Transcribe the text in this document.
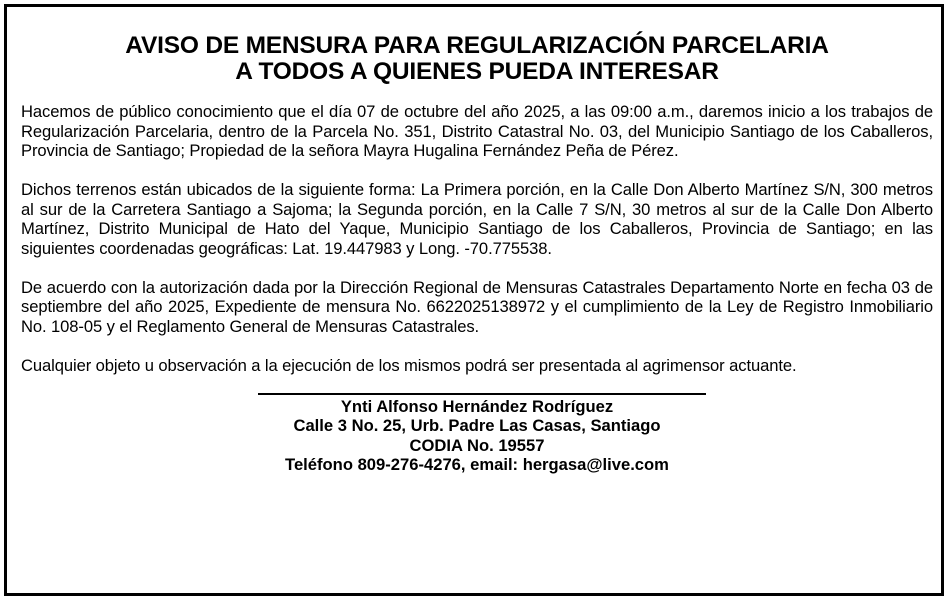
AVISO DE MENSURA PARA REGULARIZACIÓN PARCELARIA
A TODOS A QUIENES PUEDA INTERESAR

Hacemos de público conocimiento que el día 07 de octubre del año 2025, a las 09:00 a.m., daremos inicio a los trabajos de Regularización Parcelaria, dentro de la Parcela No. 351, Distrito Catastral No. 03, del Municipio Santiago de los Caballeros, Provincia de Santiago; Propiedad de la señora Mayra Hugalina Fernández Peña de Pérez.

Dichos terrenos están ubicados de la siguiente forma: La Primera porción, en la Calle Don Alberto Martínez S/N, 300 metros al sur de la Carretera Santiago a Sajoma; la Segunda porción, en la Calle 7 S/N, 30 metros al sur de la Calle Don Alberto Martínez, Distrito Municipal de Hato del Yaque, Municipio Santiago de los Caballeros, Provincia de Santiago; en las siguientes coordenadas geográficas: Lat. 19.447983 y Long. -70.775538.

De acuerdo con la autorización dada por la Dirección Regional de Mensuras Catastrales Departamento Norte en fecha 03 de septiembre del año 2025, Expediente de mensura No. 6622025138972 y el cumplimiento de la Ley de Registro Inmobiliario No. 108-05 y el Reglamento General de Mensuras Catastrales.

Cualquier objeto u observación a la ejecución de los mismos podrá ser presentada al agrimensor actuante.

Ynti Alfonso Hernández Rodríguez
Calle 3 No. 25, Urb. Padre Las Casas, Santiago
CODIA No. 19557
Teléfono 809-276-4276, email: hergasa@live.com
